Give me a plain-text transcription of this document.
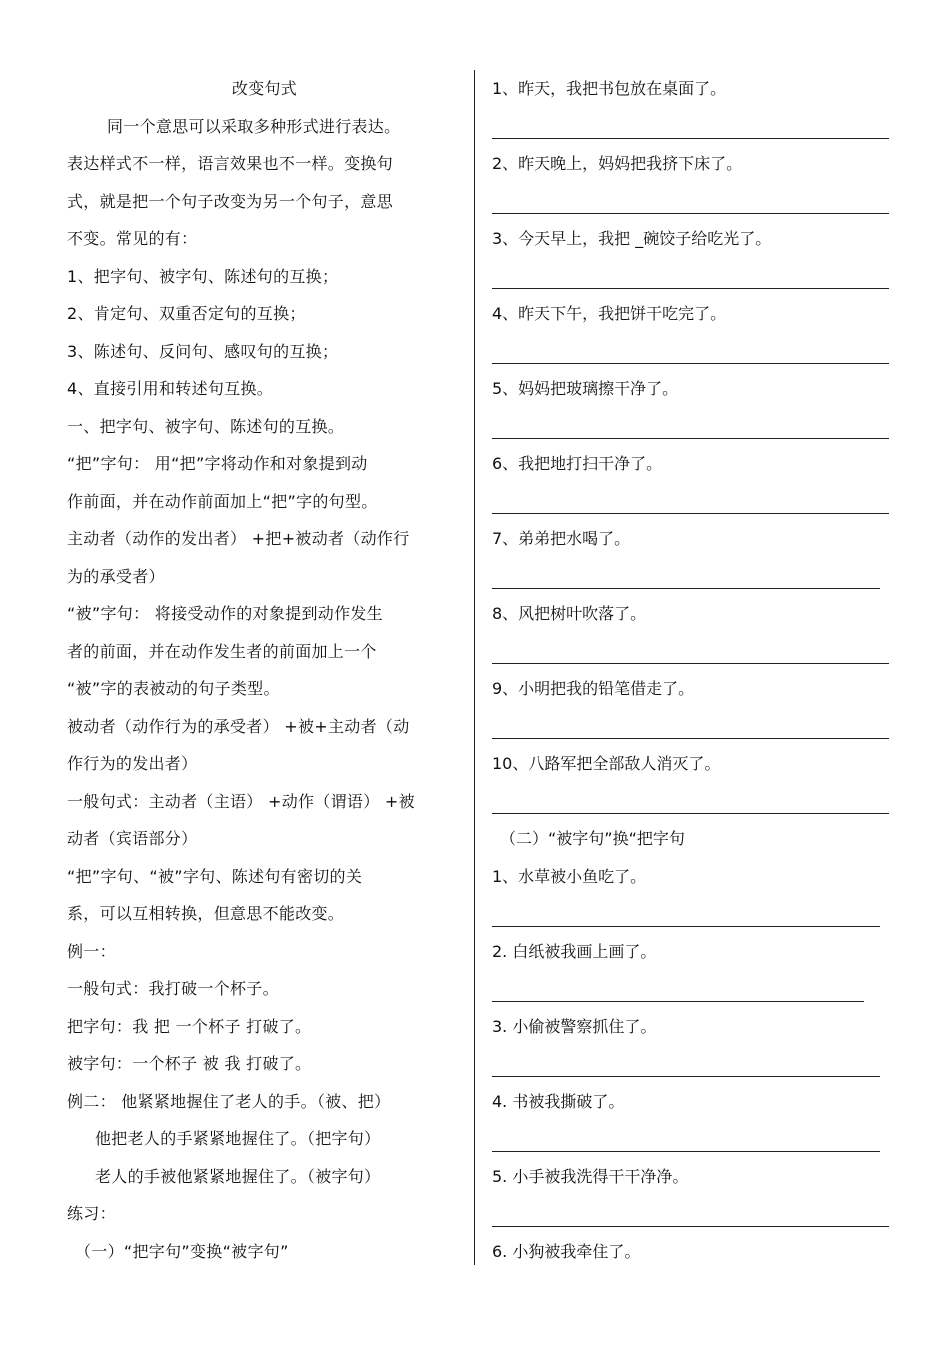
改变句式
同一个意思可以采取多种形式进行表达。
表达样式不一样，语言效果也不一样。变换句
式，就是把一个句子改变为另一个句子，意思
不变。常见的有：
1、把字句、被字句、陈述句的互换；
2、肯定句、双重否定句的互换；
3、陈述句、反问句、感叹句的互换；
4、直接引用和转述句互换。
一、把字句、被字句、陈述句的互换。
“把”字句： 用“把”字将动作和对象提到动
作前面，并在动作前面加上“把”字的句型。
主动者（动作的发出者） +把+被动者（动作行
为的承受者）
“被”字句： 将接受动作的对象提到动作发生
者的前面，并在动作发生者的前面加上一个
“被”字的表被动的句子类型。
被动者（动作行为的承受者） +被+主动者（动
作行为的发出者）
一般句式：主动者（主语） +动作（谓语） +被
动者（宾语部分）
“把”字句、“被”字句、陈述句有密切的关
系，可以互相转换，但意思不能改变。
例一：
一般句式：我打破一个杯子。
把字句：我 把 一个杯子 打破了。
被字句：一个杯子 被 我 打破了。
例二： 他紧紧地握住了老人的手。（被、把）
他把老人的手紧紧地握住了。（把字句）
老人的手被他紧紧地握住了。（被字句）
练习：
（一）“把字句”变换“被字句”
1、昨天，我把书包放在桌面了。
2、昨天晚上，妈妈把我挤下床了。
3、今天早上，我把 _碗饺子给吃光了。
4、昨天下午，我把饼干吃完了。
5、妈妈把玻璃擦干净了。
6、我把地打扫干净了。
7、弟弟把水喝了。
8、风把树叶吹落了。
9、小明把我的铅笔借走了。
10、八路军把全部敌人消灭了。
（二）“被字句”换“把字句
1、水草被小鱼吃了。
2. 白纸被我画上画了。
3. 小偷被警察抓住了。
4. 书被我撕破了。
5. 小手被我洗得干干净净。
6. 小狗被我牵住了。
